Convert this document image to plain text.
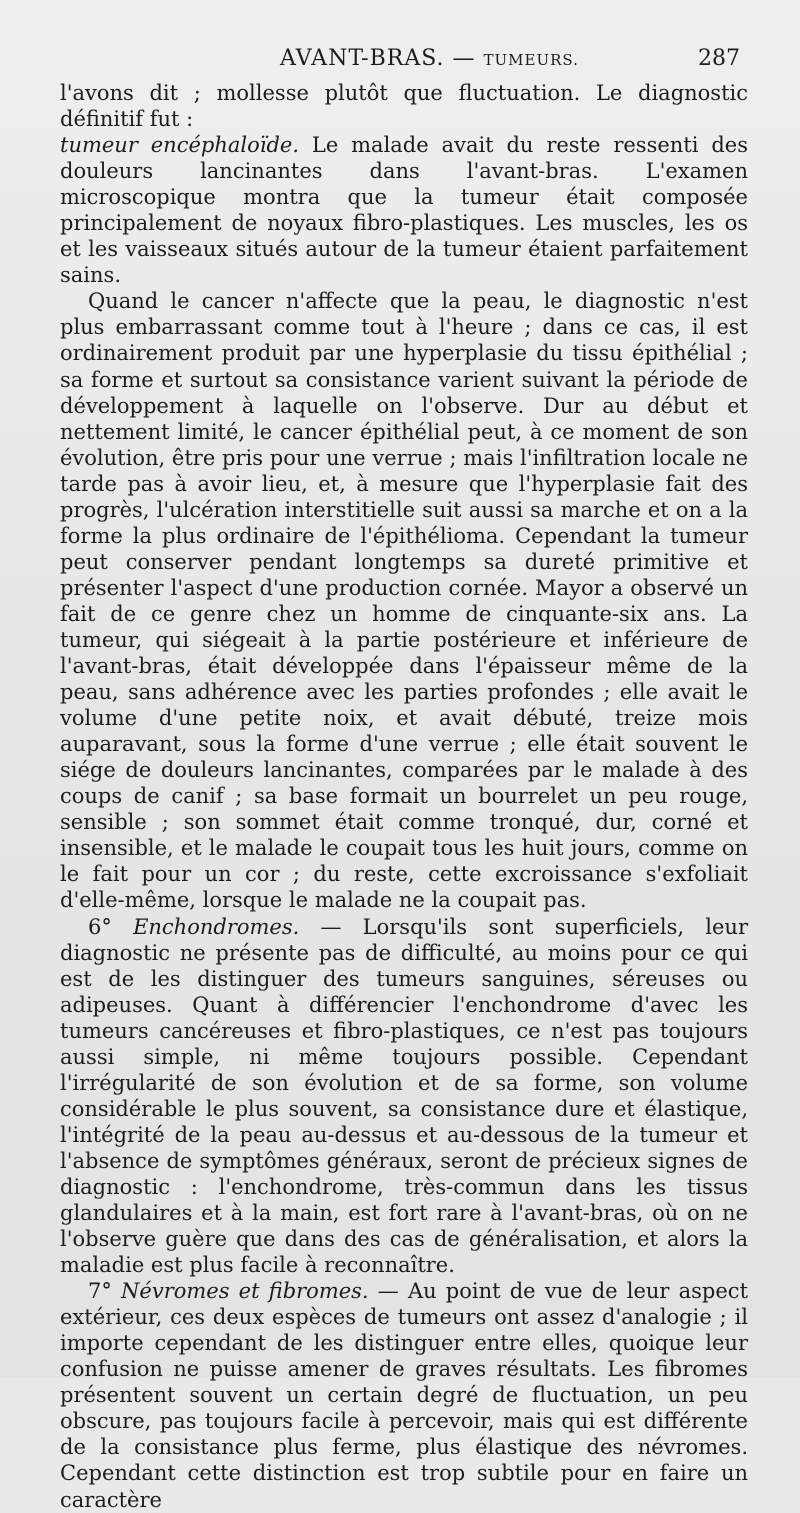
AVANT-BRAS. — TUMEURS.	287

l'avons dit ; mollesse plutôt que fluctuation. Le diagnostic définitif fut :
tumeur encéphaloïde. Le malade avait du reste ressenti des douleurs lancinantes dans l'avant-bras. L'examen microscopique montra que la tumeur était composée principalement de noyaux fibro-plastiques. Les muscles, les os et les vaisseaux situés autour de la tumeur étaient parfaitement sains.

Quand le cancer n'affecte que la peau, le diagnostic n'est plus embarrassant comme tout à l'heure ; dans ce cas, il est ordinairement produit par une hyperplasie du tissu épithélial ; sa forme et surtout sa consistance varient suivant la période de développement à laquelle on l'observe. Dur au début et nettement limité, le cancer épithélial peut, à ce moment de son évolution, être pris pour une verrue ; mais l'infiltration locale ne tarde pas à avoir lieu, et, à mesure que l'hyperplasie fait des progrès, l'ulcération interstitielle suit aussi sa marche et on a la forme la plus ordinaire de l'épithélioma. Cependant la tumeur peut conserver pendant longtemps sa dureté primitive et présenter l'aspect d'une production cornée. Mayor a observé un fait de ce genre chez un homme de cinquante-six ans. La tumeur, qui siégeait à la partie postérieure et inférieure de l'avant-bras, était développée dans l'épaisseur même de la peau, sans adhérence avec les parties profondes ; elle avait le volume d'une petite noix, et avait débuté, treize mois auparavant, sous la forme d'une verrue ; elle était souvent le siége de douleurs lancinantes, comparées par le malade à des coups de canif ; sa base formait un bourrelet un peu rouge, sensible ; son sommet était comme tronqué, dur, corné et insensible, et le malade le coupait tous les huit jours, comme on le fait pour un cor ; du reste, cette excroissance s'exfoliait d'elle-même, lorsque le malade ne la coupait pas.

6° Enchondromes. — Lorsqu'ils sont superficiels, leur diagnostic ne présente pas de difficulté, au moins pour ce qui est de les distinguer des tumeurs sanguines, séreuses ou adipeuses. Quant à différencier l'enchondrome d'avec les tumeurs cancéreuses et fibro-plastiques, ce n'est pas toujours aussi simple, ni même toujours possible. Cependant l'irrégularité de son évolution et de sa forme, son volume considérable le plus souvent, sa consistance dure et élastique, l'intégrité de la peau au-dessus et au-dessous de la tumeur et l'absence de symptômes généraux, seront de précieux signes de diagnostic : l'enchondrome, très-commun dans les tissus glandulaires et à la main, est fort rare à l'avant-bras, où on ne l'observe guère que dans des cas de généralisation, et alors la maladie est plus facile à reconnaître.

7° Névromes et fibromes. — Au point de vue de leur aspect extérieur, ces deux espèces de tumeurs ont assez d'analogie ; il importe cependant de les distinguer entre elles, quoique leur confusion ne puisse amener de graves résultats. Les fibromes présentent souvent un certain degré de fluctuation, un peu obscure, pas toujours facile à percevoir, mais qui est différente de la consistance plus ferme, plus élastique des névromes. Cependant cette distinction est trop subtile pour en faire un caractère
